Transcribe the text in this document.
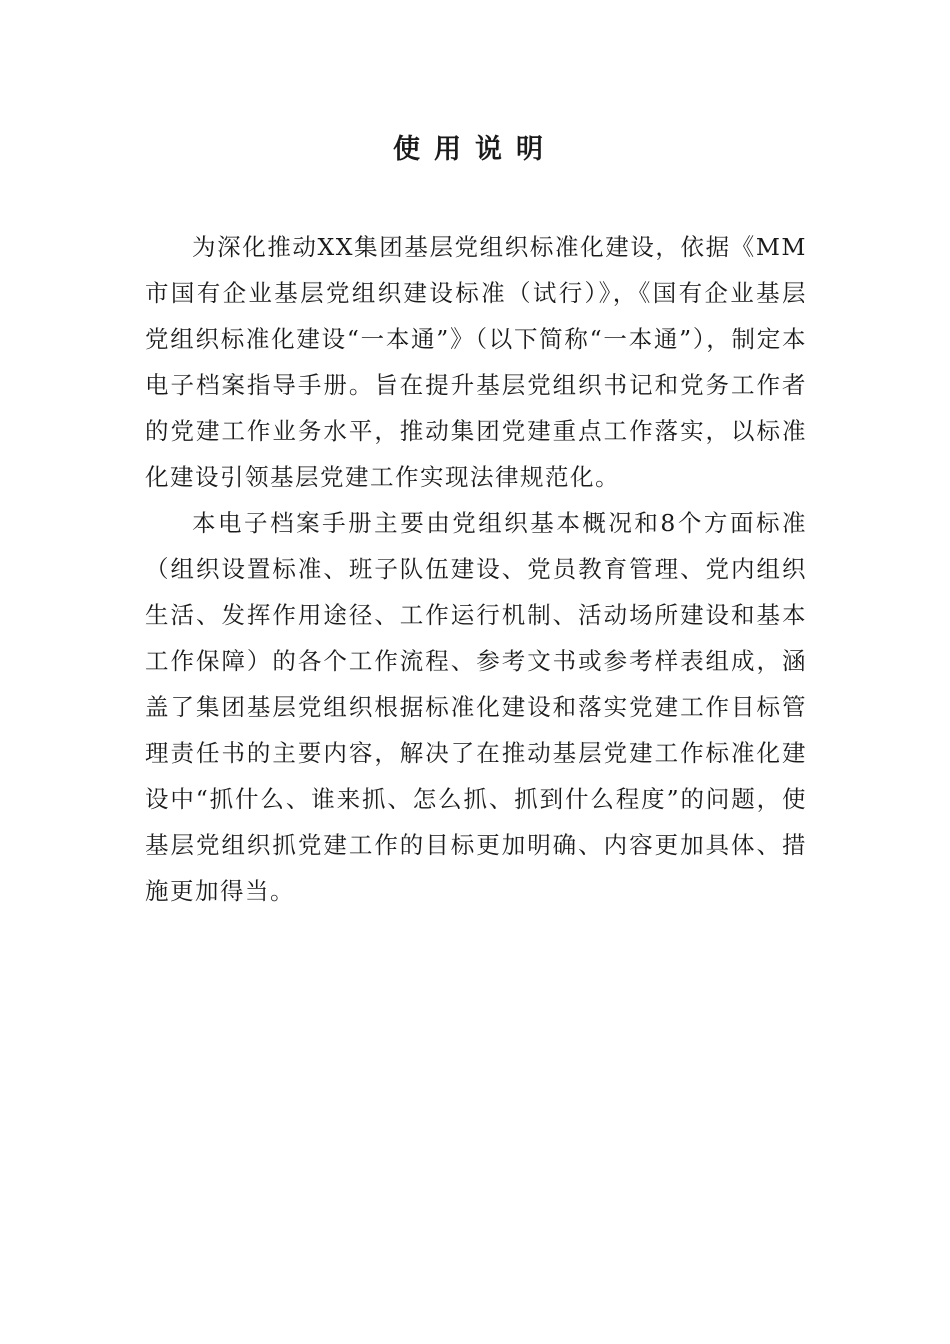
使用说明

为深化推动XX集团基层党组织标准化建设，依据《MM市国有企业基层党组织建设标准（试行）》，《国有企业基层党组织标准化建设“一本通”》（以下简称“一本通”），制定本电子档案指导手册。旨在提升基层党组织书记和党务工作者的党建工作业务水平，推动集团党建重点工作落实，以标准化建设引领基层党建工作实现法律规范化。

本电子档案手册主要由党组织基本概况和8个方面标准（组织设置标准、班子队伍建设、党员教育管理、党内组织生活、发挥作用途径、工作运行机制、活动场所建设和基本工作保障）的各个工作流程、参考文书或参考样表组成，涵盖了集团基层党组织根据标准化建设和落实党建工作目标管理责任书的主要内容，解决了在推动基层党建工作标准化建设中“抓什么、谁来抓、怎么抓、抓到什么程度”的问题，使基层党组织抓党建工作的目标更加明确、内容更加具体、措施更加得当。
